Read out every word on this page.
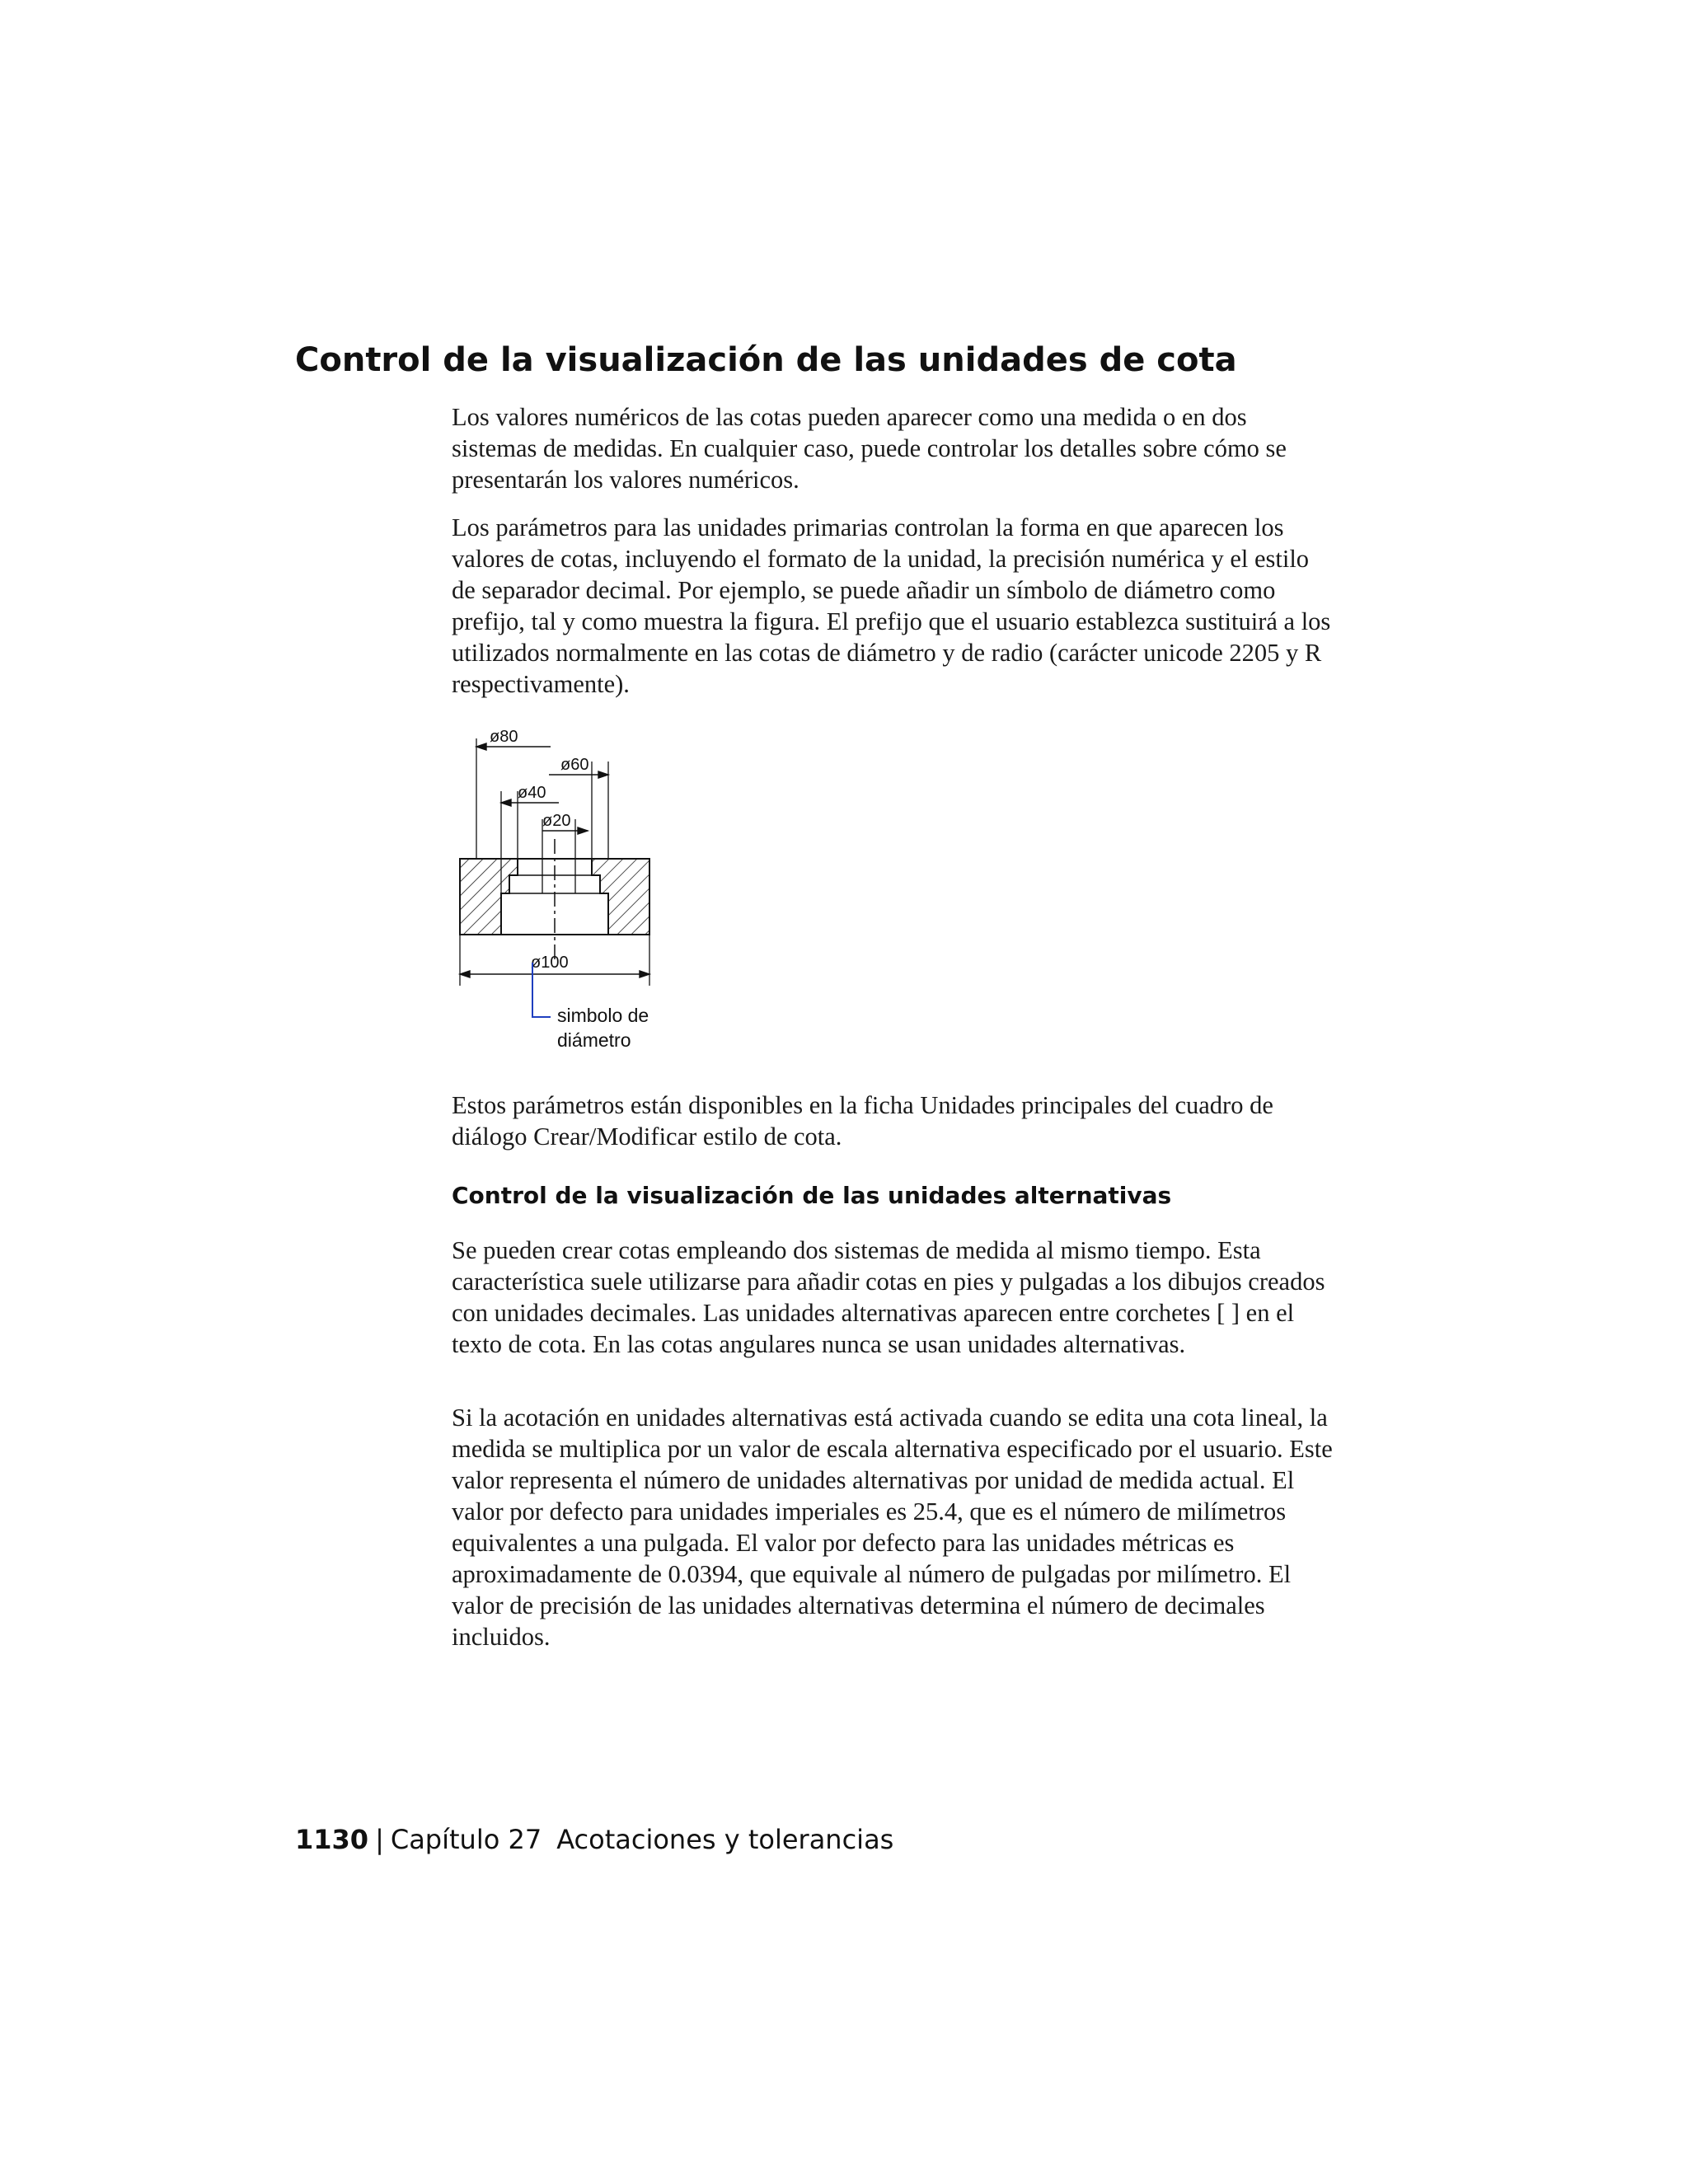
Control de la visualización de las unidades de cota

Los valores numéricos de las cotas pueden aparecer como una medida o en dos sistemas de medidas. En cualquier caso, puede controlar los detalles sobre cómo se presentarán los valores numéricos.

Los parámetros para las unidades primarias controlan la forma en que aparecen los valores de cotas, incluyendo el formato de la unidad, la precisión numérica y el estilo de separador decimal. Por ejemplo, se puede añadir un símbolo de diámetro como prefijo, tal y como muestra la figura. El prefijo que el usuario establezca sustituirá a los utilizados normalmente en las cotas de diámetro y de radio (carácter unicode 2205 y R respectivamente).

ø80
ø60
ø40
ø20
ø100
simbolo de
diámetro

Estos parámetros están disponibles en la ficha Unidades principales del cuadro de diálogo Crear/Modificar estilo de cota.

Control de la visualización de las unidades alternativas

Se pueden crear cotas empleando dos sistemas de medida al mismo tiempo. Esta característica suele utilizarse para añadir cotas en pies y pulgadas a los dibujos creados con unidades decimales. Las unidades alternativas aparecen entre corchetes [ ] en el texto de cota. En las cotas angulares nunca se usan unidades alternativas.

Si la acotación en unidades alternativas está activada cuando se edita una cota lineal, la medida se multiplica por un valor de escala alternativa especificado por el usuario. Este valor representa el número de unidades alternativas por unidad de medida actual. El valor por defecto para unidades imperiales es 25.4, que es el número de milímetros equivalentes a una pulgada. El valor por defecto para las unidades métricas es aproximadamente de 0.0394, que equivale al número de pulgadas por milímetro. El valor de precisión de las unidades alternativas determina el número de decimales incluidos.

1130 | Capítulo 27 Acotaciones y tolerancias
